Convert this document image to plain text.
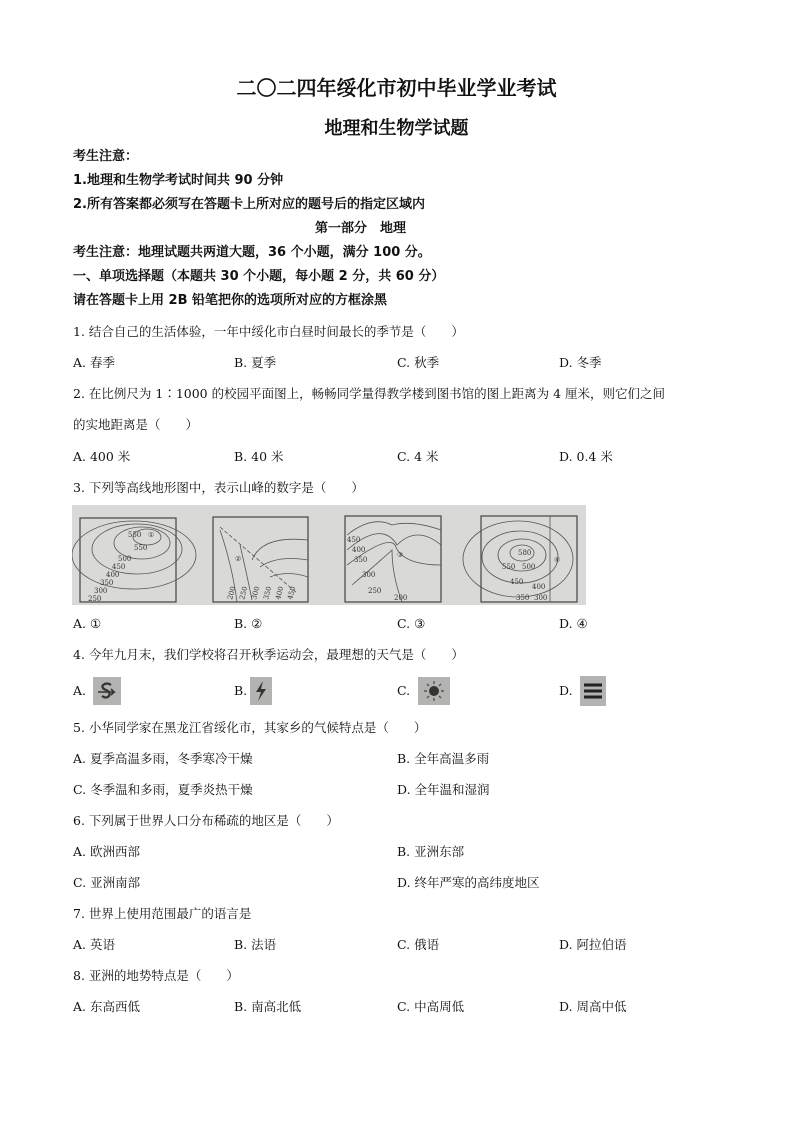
二〇二四年绥化市初中毕业学业考试
地理和生物学试题
考生注意：
1.地理和生物学考试时间共 90 分钟
2.所有答案都必须写在答题卡上所对应的题号后的指定区域内
第一部分　地理
考生注意：地理试题共两道大题，36 个小题，满分 100 分。
一、单项选择题（本题共 30 个小题，每小题 2 分，共 60 分）
请在答题卡上用 2B 铅笔把你的选项所对应的方框涂黑
1. 结合自己的生活体验，一年中绥化市白昼时间最长的季节是（　　）
A. 春季	B. 夏季	C. 秋季	D. 冬季
2. 在比例尺为 1∶1000 的校园平面图上，畅畅同学量得教学楼到图书馆的图上距离为 4 厘米，则它们之间
的实地距离是（　　）
A. 400 米	B. 40 米	C. 4 米	D. 0.4 米
3. 下列等高线地形图中，表示山峰的数字是（　　）
550 ①
550
500
450
400
350
300
250
②
200 250 300 350 400 450
450
400
350
③
300
250
200
580
550 500
450
400
350 300
④
A. ①	B. ②	C. ③	D. ④
4. 今年九月末，我们学校将召开秋季运动会，最理想的天气是（　　）
A.	B.	C.	D.
5. 小华同学家在黑龙江省绥化市，其家乡的气候特点是（　　）
A. 夏季高温多雨，冬季寒冷干燥	B. 全年高温多雨
C. 冬季温和多雨，夏季炎热干燥	D. 全年温和湿润
6. 下列属于世界人口分布稀疏的地区是（　　）
A. 欧洲西部	B. 亚洲东部
C. 亚洲南部	D. 终年严寒的高纬度地区
7. 世界上使用范围最广的语言是
A. 英语	B. 法语	C. 俄语	D. 阿拉伯语
8. 亚洲的地势特点是（　　）
A. 东高西低	B. 南高北低	C. 中高周低	D. 周高中低
